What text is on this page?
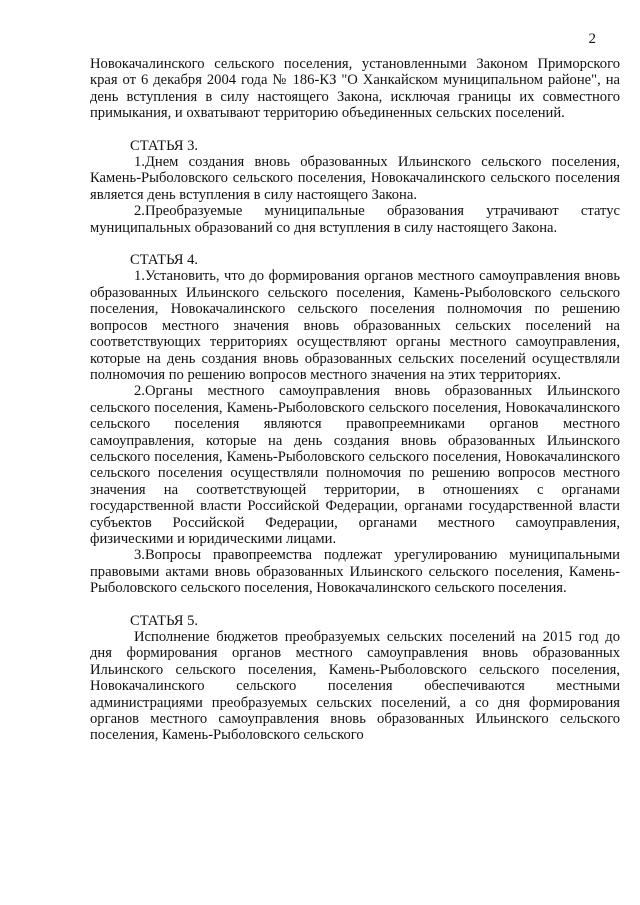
2

Новокачалинского сельского поселения, установленными Законом Приморского края от 6 декабря 2004 года № 186-КЗ "О Ханкайском муниципальном районе", на день вступления в силу настоящего Закона, исключая границы их совместного примыкания, и охватывают территорию объединенных сельских поселений.

СТАТЬЯ 3.

1.Днем создания вновь образованных Ильинского сельского поселения, Камень-Рыболовского сельского поселения, Новокачалинского сельского поселения является день вступления в силу настоящего Закона.

2.Преобразуемые муниципальные образования утрачивают статус муниципальных образований со дня вступления в силу настоящего Закона.

СТАТЬЯ 4.

1.Установить, что до формирования органов местного самоуправления вновь образованных Ильинского сельского поселения, Камень-Рыболовского сельского поселения, Новокачалинского сельского поселения полномочия по решению вопросов местного значения вновь образованных сельских поселений на соответствующих территориях осуществляют органы местного самоуправления, которые на день создания вновь образованных сельских поселений осуществляли полномочия по решению вопросов местного значения на этих территориях.

2.Органы местного самоуправления вновь образованных Ильинского сельского поселения, Камень-Рыболовского сельского поселения, Новокачалинского сельского поселения являются правопреемниками органов местного самоуправления, которые на день создания вновь образованных Ильинского сельского поселения, Камень-Рыболовского сельского поселения, Новокачалинского сельского поселения осуществляли полномочия по решению вопросов местного значения на соответствующей территории, в отношениях с органами государственной власти Российской Федерации, органами государственной власти субъектов Российской Федерации, органами местного самоуправления, физическими и юридическими лицами.

3.Вопросы правопреемства подлежат урегулированию муниципальными правовыми актами вновь образованных Ильинского сельского поселения, Камень-Рыболовского сельского поселения, Новокачалинского сельского поселения.

СТАТЬЯ 5.

Исполнение бюджетов преобразуемых сельских поселений на 2015 год до дня формирования органов местного самоуправления вновь образованных Ильинского сельского поселения, Камень-Рыболовского сельского поселения, Новокачалинского сельского поселения обеспечиваются местными администрациями преобразуемых сельских поселений, а со дня формирования органов местного самоуправления вновь образованных Ильинского сельского поселения, Камень-Рыболовского сельского
